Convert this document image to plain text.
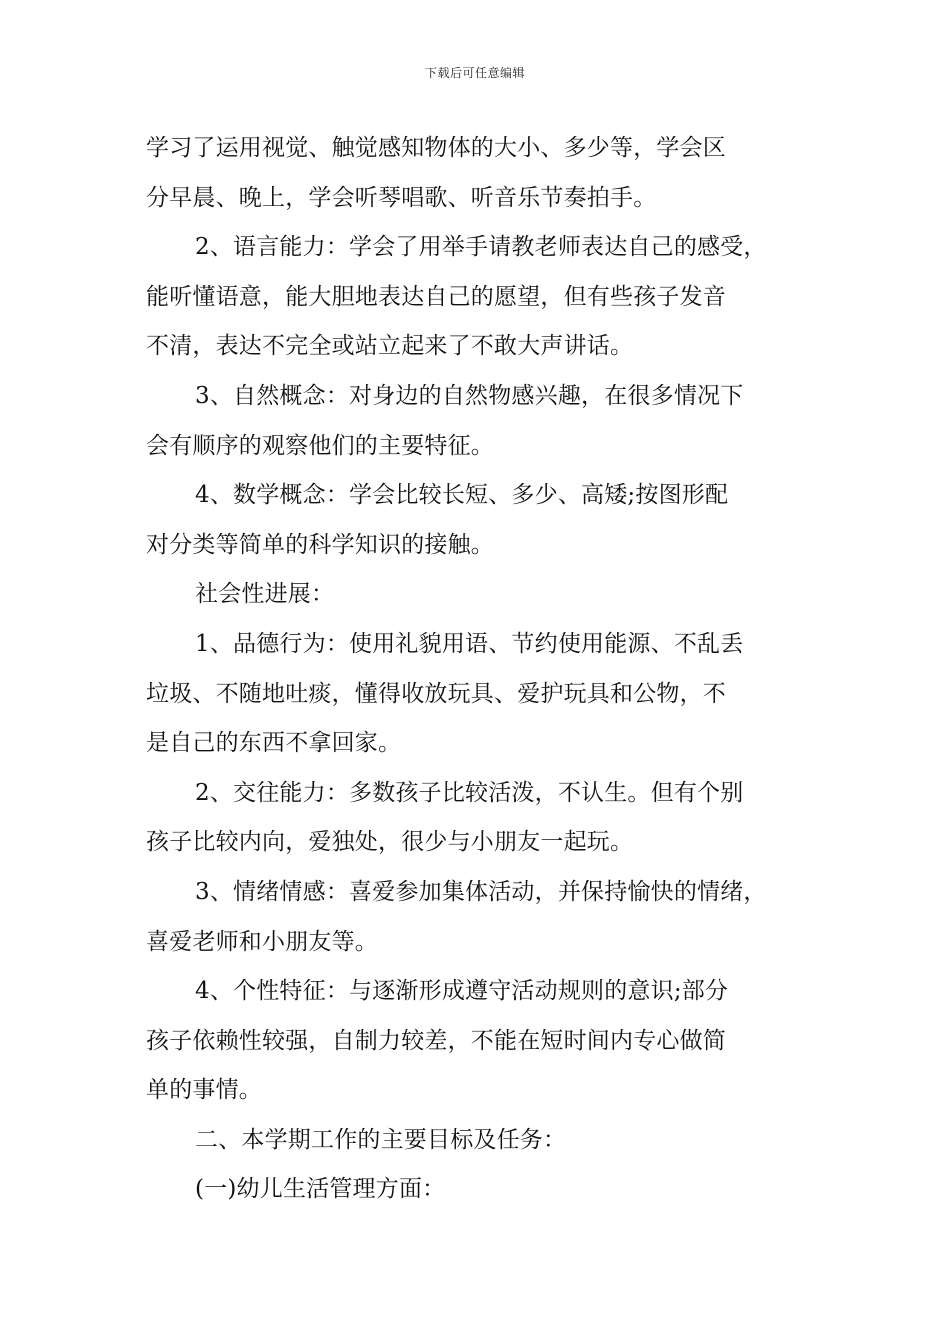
下载后可任意编辑
学习了运用视觉、触觉感知物体的大小、多少等，学会区
分早晨、晚上，学会听琴唱歌、听音乐节奏拍手。
2、语言能力：学会了用举手请教老师表达自己的感受，
能听懂语意，能大胆地表达自己的愿望，但有些孩子发音
不清，表达不完全或站立起来了不敢大声讲话。
3、自然概念：对身边的自然物感兴趣，在很多情况下
会有顺序的观察他们的主要特征。
4、数学概念：学会比较长短、多少、高矮;按图形配
对分类等简单的科学知识的接触。
社会性进展：
1、品德行为：使用礼貌用语、节约使用能源、不乱丢
垃圾、不随地吐痰，懂得收放玩具、爱护玩具和公物，不
是自己的东西不拿回家。
2、交往能力：多数孩子比较活泼，不认生。但有个别
孩子比较内向，爱独处，很少与小朋友一起玩。
3、情绪情感：喜爱参加集体活动，并保持愉快的情绪，
喜爱老师和小朋友等。
4、个性特征：与逐渐形成遵守活动规则的意识;部分
孩子依赖性较强，自制力较差，不能在短时间内专心做简
单的事情。
二、本学期工作的主要目标及任务：
(一)幼儿生活管理方面：
